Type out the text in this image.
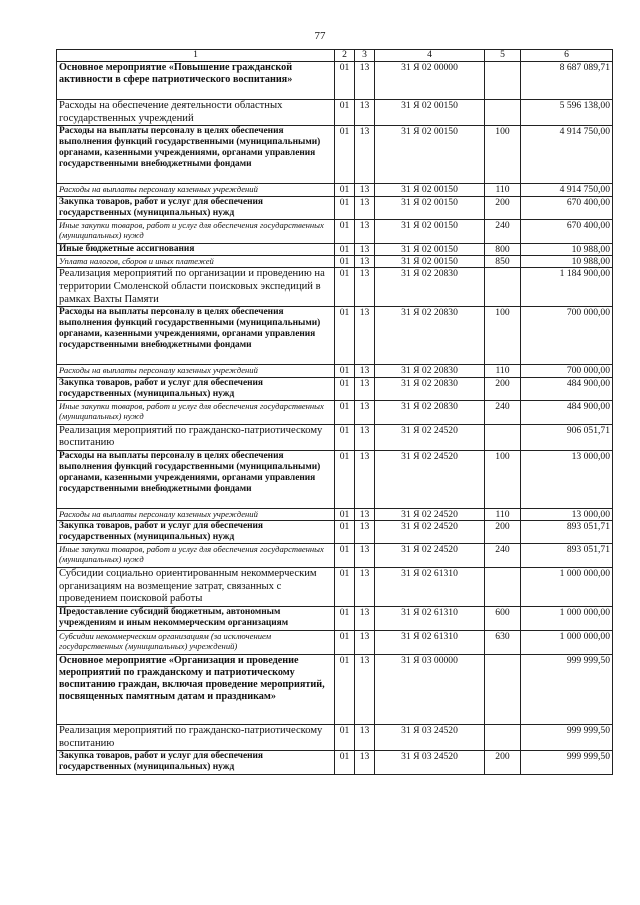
77
1	2	3	4	5	6
Основное мероприятие «Повышение гражданской активности в сфере патриотического воспитания»	01	13	31 Я 02 00000		8 687 089,71
Расходы на обеспечение деятельности областных государственных учреждений	01	13	31 Я 02 00150		5 596 138,00
Расходы на выплаты персоналу в целях обеспечения выполнения функций государственными (муниципальными) органами, казенными учреждениями, органами управления государственными внебюджетными фондами	01	13	31 Я 02 00150	100	4 914 750,00
Расходы на выплаты персоналу казенных учреждений	01	13	31 Я 02 00150	110	4 914 750,00
Закупка товаров, работ и услуг для обеспечения государственных (муниципальных) нужд	01	13	31 Я 02 00150	200	670 400,00
Иные закупки товаров, работ и услуг для обеспечения государственных (муниципальных) нужд	01	13	31 Я 02 00150	240	670 400,00
Иные бюджетные ассигнования	01	13	31 Я 02 00150	800	10 988,00
Уплата налогов, сборов и иных платежей	01	13	31 Я 02 00150	850	10 988,00
Реализация мероприятий по организации и проведению на территории Смоленской области поисковых экспедиций в рамках Вахты Памяти	01	13	31 Я 02 20830		1 184 900,00
Расходы на выплаты персоналу в целях обеспечения выполнения функций государственными (муниципальными) органами, казенными учреждениями, органами управления государственными внебюджетными фондами	01	13	31 Я 02 20830	100	700 000,00
Расходы на выплаты персоналу казенных учреждений	01	13	31 Я 02 20830	110	700 000,00
Закупка товаров, работ и услуг для обеспечения государственных (муниципальных) нужд	01	13	31 Я 02 20830	200	484 900,00
Иные закупки товаров, работ и услуг для обеспечения государственных (муниципальных) нужд	01	13	31 Я 02 20830	240	484 900,00
Реализация мероприятий по гражданско-патриотическому воспитанию	01	13	31 Я 02 24520		906 051,71
Расходы на выплаты персоналу в целях обеспечения выполнения функций государственными (муниципальными) органами, казенными учреждениями, органами управления государственными внебюджетными фондами	01	13	31 Я 02 24520	100	13 000,00
Расходы на выплаты персоналу казенных учреждений	01	13	31 Я 02 24520	110	13 000,00
Закупка товаров, работ и услуг для обеспечения государственных (муниципальных) нужд	01	13	31 Я 02 24520	200	893 051,71
Иные закупки товаров, работ и услуг для обеспечения государственных (муниципальных) нужд	01	13	31 Я 02 24520	240	893 051,71
Субсидии социально ориентированным некоммерческим организациям на возмещение затрат, связанных с проведением поисковой работы	01	13	31 Я 02 61310		1 000 000,00
Предоставление субсидий бюджетным, автономным учреждениям и иным некоммерческим организациям	01	13	31 Я 02 61310	600	1 000 000,00
Субсидии некоммерческим организациям (за исключением государственных (муниципальных) учреждений)	01	13	31 Я 02 61310	630	1 000 000,00
Основное мероприятие «Организация и проведение мероприятий по гражданскому и патриотическому воспитанию граждан, включая проведение мероприятий, посвященных памятным датам и праздникам»	01	13	31 Я 03 00000		999 999,50
Реализация мероприятий по гражданско-патриотическому воспитанию	01	13	31 Я 03 24520		999 999,50
Закупка товаров, работ и услуг для обеспечения государственных (муниципальных) нужд	01	13	31 Я 03 24520	200	999 999,50
